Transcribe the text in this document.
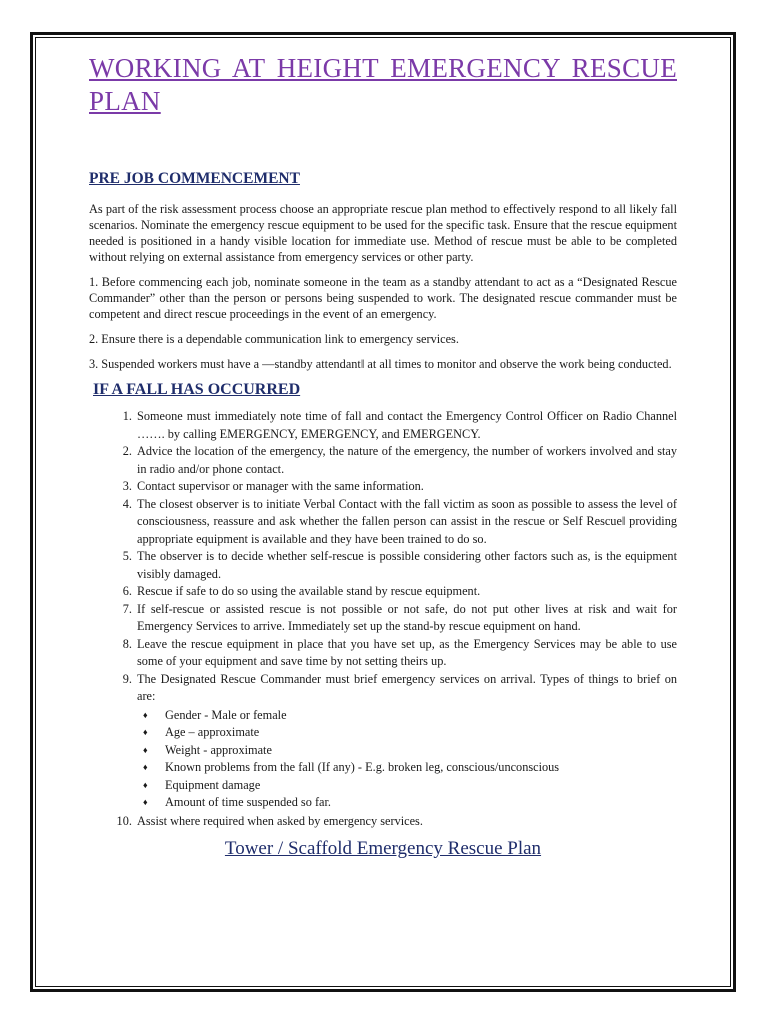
WORKING AT HEIGHT EMERGENCY RESCUE PLAN
PRE JOB COMMENCEMENT

As part of the risk assessment process choose an appropriate rescue plan method to effectively respond to all likely fall scenarios. Nominate the emergency rescue equipment to be used for the specific task. Ensure that the rescue equipment needed is positioned in a handy visible location for immediate use. Method of rescue must be able to be completed without relying on external assistance from emergency services or other party.

1. Before commencing each job, nominate someone in the team as a standby attendant to act as a “Designated Rescue Commander” other than the person or persons being suspended to work. The designated rescue commander must be competent and direct rescue proceedings in the event of an emergency.

2. Ensure there is a dependable communication link to emergency services.

3. Suspended workers must have a —standby attendant‖ at all times to monitor and observe the work being conducted.

IF A FALL HAS OCCURRED
1. Someone must immediately note time of fall and contact the Emergency Control Officer on Radio Channel ……. by calling EMERGENCY, EMERGENCY, and EMERGENCY.
2. Advice the location of the emergency, the nature of the emergency, the number of workers involved and stay in radio and/or phone contact.
3. Contact supervisor or manager with the same information.
4. The closest observer is to initiate Verbal Contact with the fall victim as soon as possible to assess the level of consciousness, reassure and ask whether the fallen person can assist in the rescue or Self Rescue‖ providing appropriate equipment is available and they have been trained to do so.
5. The observer is to decide whether self-rescue is possible considering other factors such as, is the equipment visibly damaged.
6. Rescue if safe to do so using the available stand by rescue equipment.
7. If self-rescue or assisted rescue is not possible or not safe, do not put other lives at risk and wait for Emergency Services to arrive. Immediately set up the stand-by rescue equipment on hand.
8. Leave the rescue equipment in place that you have set up, as the Emergency Services may be able to use some of your equipment and save time by not setting theirs up.
9. The Designated Rescue Commander must brief emergency services on arrival. Types of things to brief on are:
♦ Gender - Male or female
♦ Age – approximate
♦ Weight - approximate
♦ Known problems from the fall (If any) - E.g. broken leg, conscious/unconscious
♦ Equipment damage
♦ Amount of time suspended so far.
10. Assist where required when asked by emergency services.
Tower / Scaffold Emergency Rescue Plan
